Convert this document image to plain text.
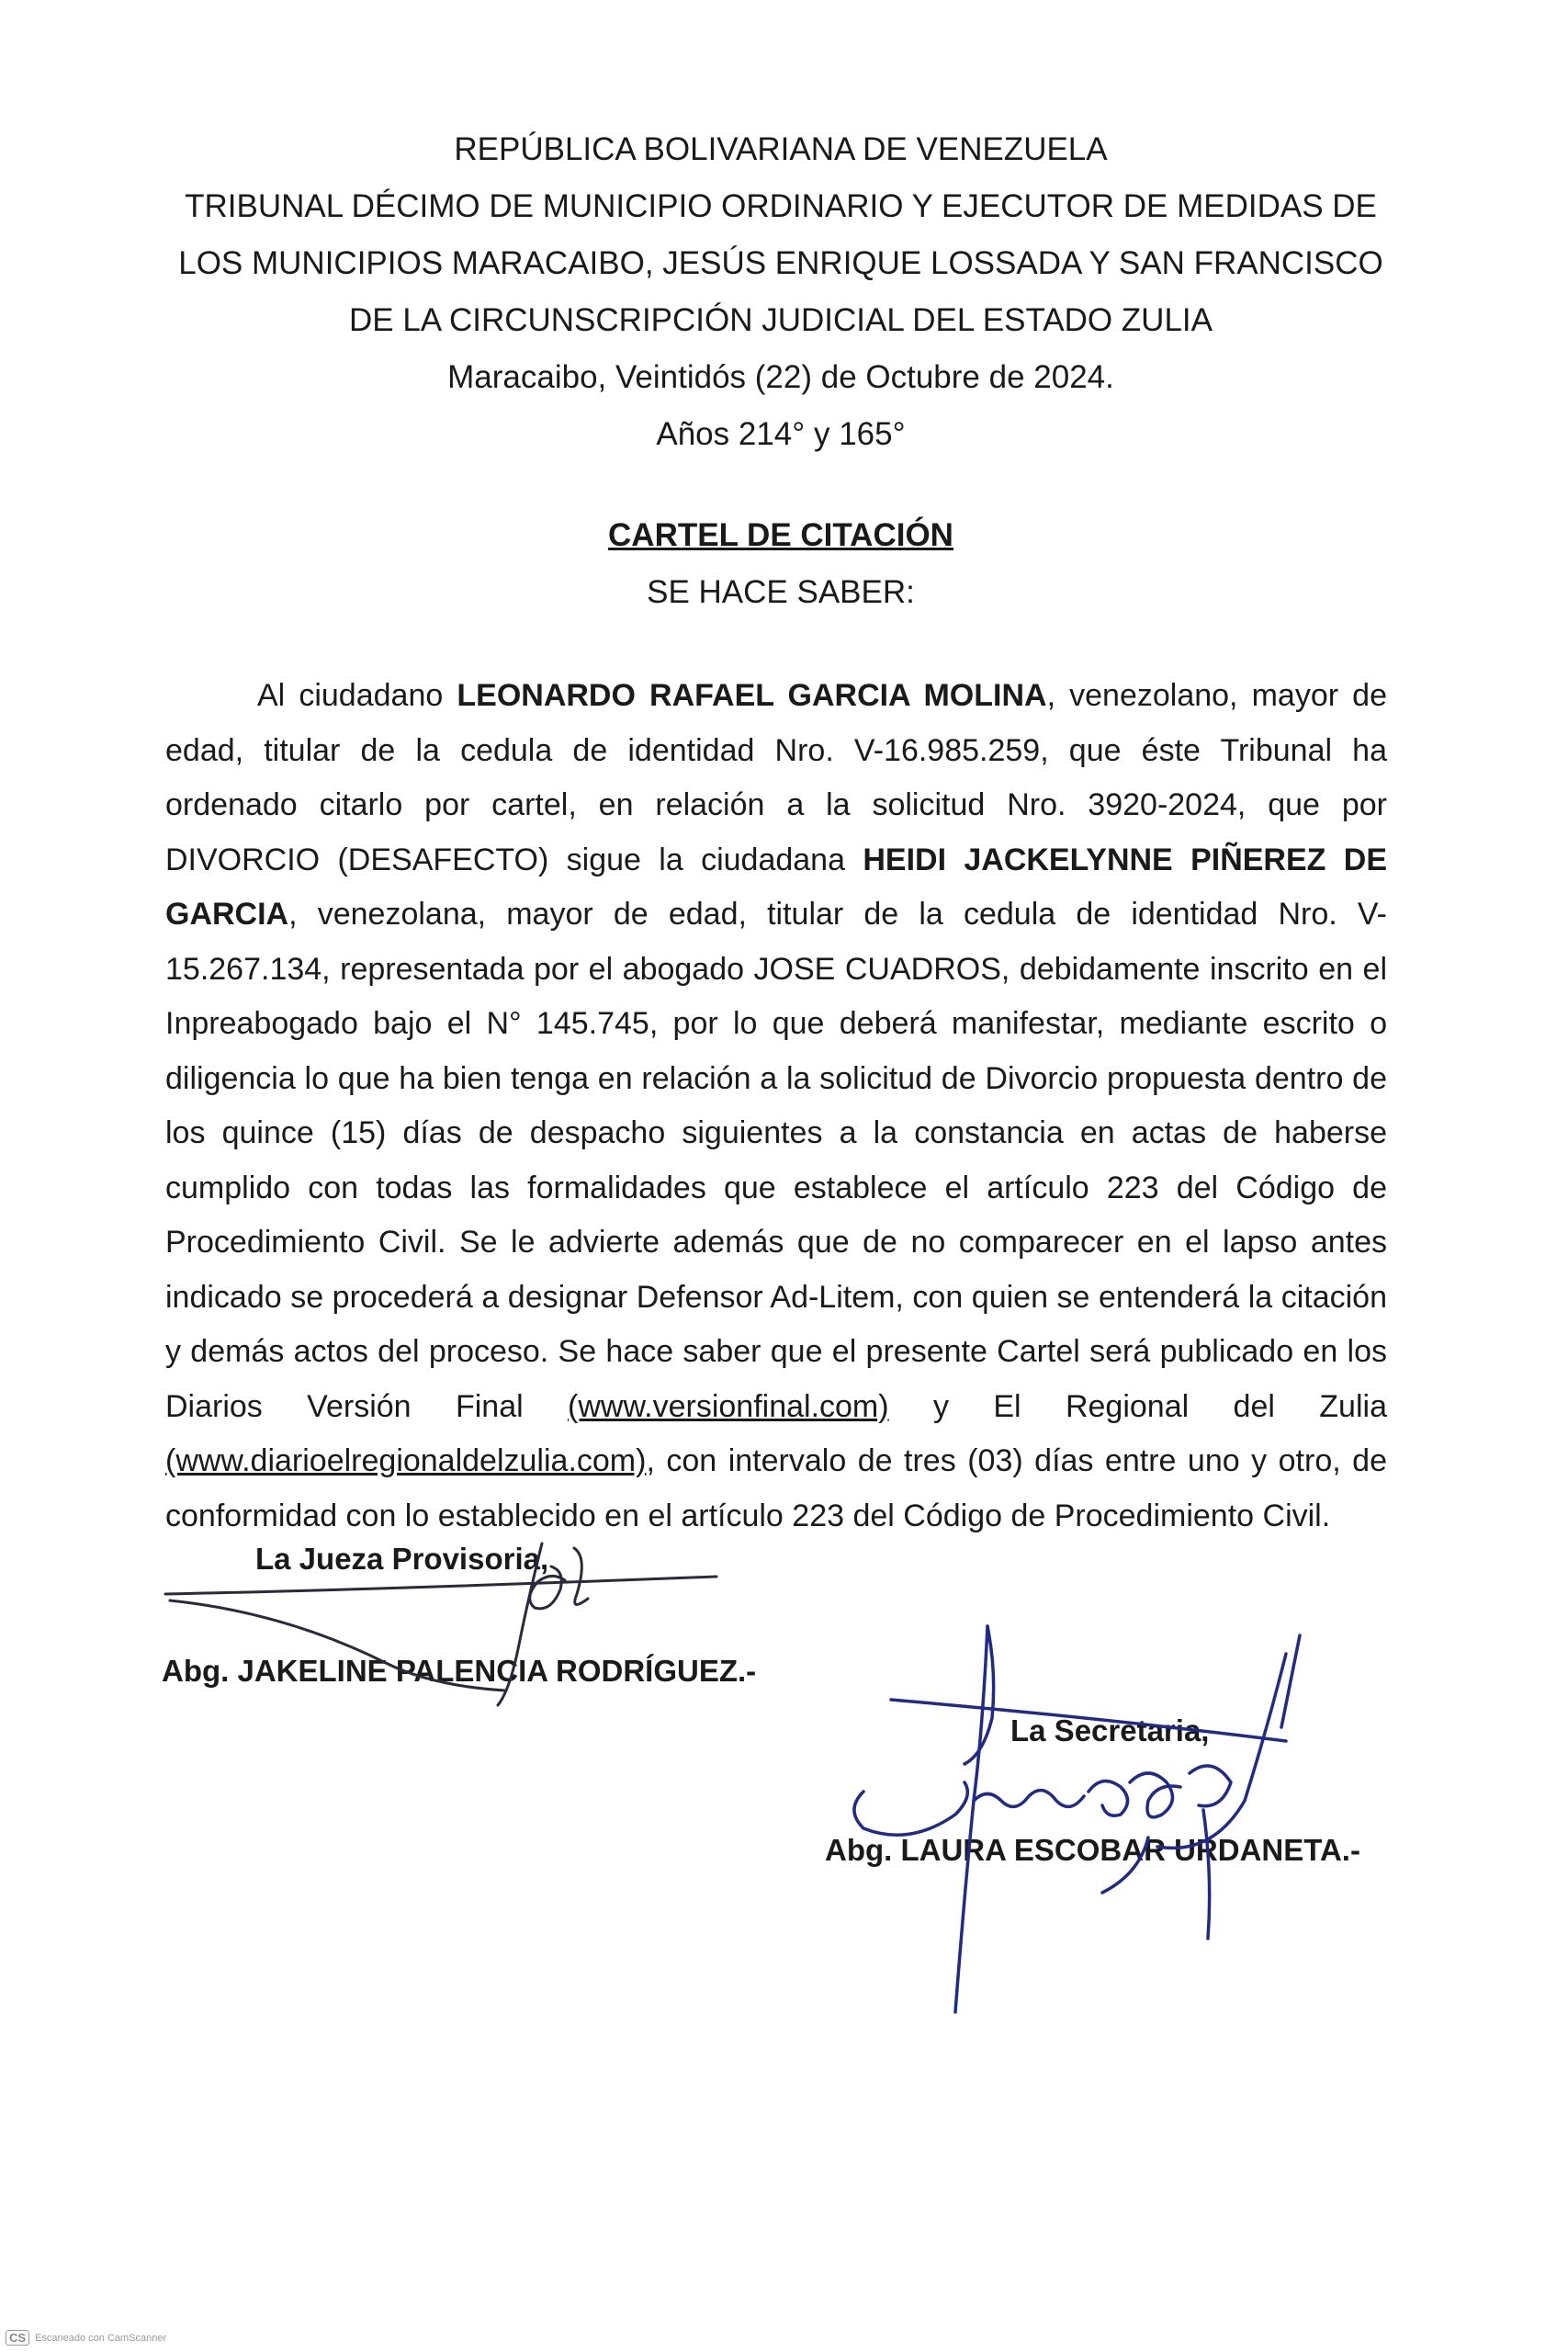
REPÚBLICA BOLIVARIANA DE VENEZUELA
TRIBUNAL DÉCIMO DE MUNICIPIO ORDINARIO Y EJECUTOR DE MEDIDAS DE
LOS MUNICIPIOS MARACAIBO, JESÚS ENRIQUE LOSSADA Y SAN FRANCISCO
DE LA CIRCUNSCRIPCIÓN JUDICIAL DEL ESTADO ZULIA
Maracaibo, Veintidós (22) de Octubre de 2024.
Años 214° y 165°
CARTEL DE CITACIÓN
SE HACE SABER:

Al ciudadano LEONARDO RAFAEL GARCIA MOLINA, venezolano, mayor de edad, titular de la cedula de identidad Nro. V-16.985.259, que éste Tribunal ha ordenado citarlo por cartel, en relación a la solicitud Nro. 3920-2024, que por DIVORCIO (DESAFECTO) sigue la ciudadana HEIDI JACKELYNNE PIÑEREZ DE GARCIA, venezolana, mayor de edad, titular de la cedula de identidad Nro. V-15.267.134, representada por el abogado JOSE CUADROS, debidamente inscrito en el Inpreabogado bajo el N° 145.745, por lo que deberá manifestar, mediante escrito o diligencia lo que ha bien tenga en relación a la solicitud de Divorcio propuesta dentro de los quince (15) días de despacho siguientes a la constancia en actas de haberse cumplido con todas las formalidades que establece el artículo 223 del Código de Procedimiento Civil. Se le advierte además que de no comparecer en el lapso antes indicado se procederá a designar Defensor Ad-Litem, con quien se entenderá la citación y demás actos del proceso. Se hace saber que el presente Cartel será publicado en los Diarios Versión Final (www.versionfinal.com) y El Regional del Zulia (www.diarioelregionaldelzulia.com), con intervalo de tres (03) días entre uno y otro, de conformidad con lo establecido en el artículo 223 del Código de Procedimiento Civil.

La Jueza Provisoria,
Abg. JAKELINE PALENCIA RODRÍGUEZ.-
La Secretaria,
Abg. LAURA ESCOBAR URDANETA.-
CS Escaneado con CamScanner
